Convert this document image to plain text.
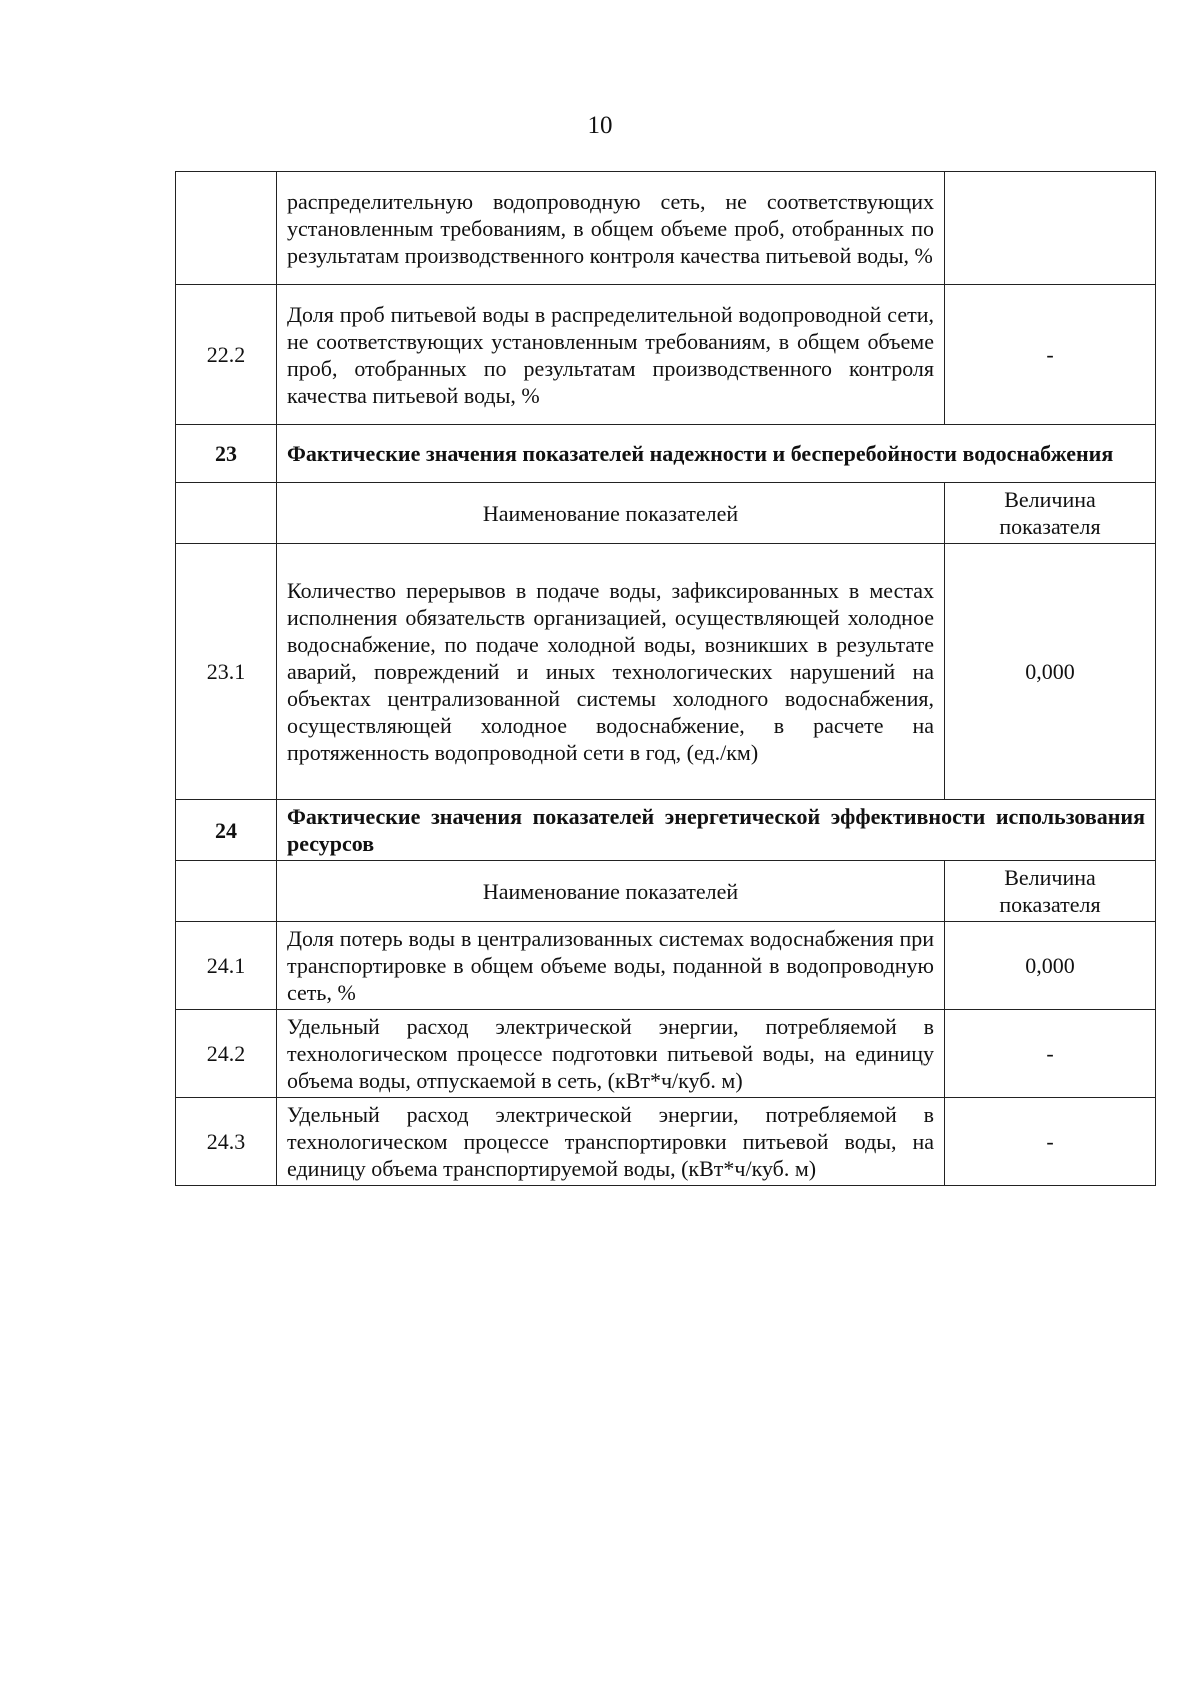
10
	распределительную водопроводную сеть, не соответствующих установленным требованиям, в общем объеме проб, отобранных по результатам производственного контроля качества питьевой воды, %	
22.2	Доля проб питьевой воды в распределительной водопроводной сети, не соответствующих установленным требованиям, в общем объеме проб, отобранных по результатам производственного контроля качества питьевой воды, %	-
23	Фактические значения показателей надежности и бесперебойности водоснабжения	
	Наименование показателей	Величина показателя
23.1	Количество перерывов в подаче воды, зафиксированных в местах исполнения обязательств организацией, осуществляющей холодное водоснабжение, по подаче холодной воды, возникших в результате аварий, повреждений и иных технологических нарушений на объектах централизованной системы холодного водоснабжения, осуществляющей холодное водоснабжение, в расчете на протяженность водопроводной сети в год, (ед./км)	0,000
24	Фактические значения показателей энергетической эффективности использования ресурсов	
	Наименование показателей	Величина показателя
24.1	Доля потерь воды в централизованных системах водоснабжения при транспортировке в общем объеме воды, поданной в водопроводную сеть, %	0,000
24.2	Удельный расход электрической энергии, потребляемой в технологическом процессе подготовки питьевой воды, на единицу объема воды, отпускаемой в сеть, (кВт*ч/куб. м)	-
24.3	Удельный расход электрической энергии, потребляемой в технологическом процессе транспортировки питьевой воды, на единицу объема транспортируемой воды, (кВт*ч/куб. м)	-
